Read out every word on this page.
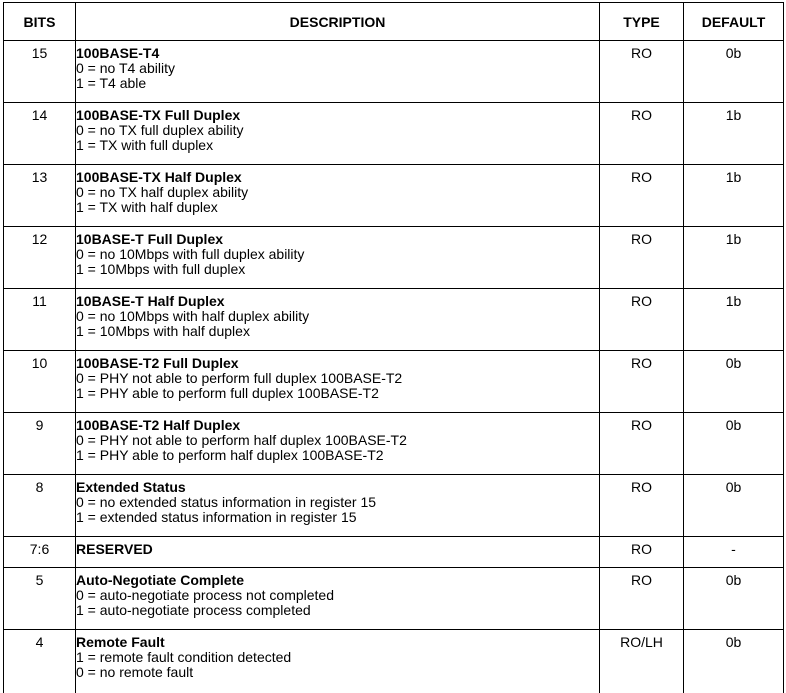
BITS	DESCRIPTION	TYPE	DEFAULT
15	100BASE-T4
0 = no T4 ability
1 = T4 able	RO	0b
14	100BASE-TX Full Duplex
0 = no TX full duplex ability
1 = TX with full duplex	RO	1b
13	100BASE-TX Half Duplex
0 = no TX half duplex ability
1 = TX with half duplex	RO	1b
12	10BASE-T Full Duplex
0 = no 10Mbps with full duplex ability
1 = 10Mbps with full duplex	RO	1b
11	10BASE-T Half Duplex
0 = no 10Mbps with half duplex ability
1 = 10Mbps with half duplex	RO	1b
10	100BASE-T2 Full Duplex
0 = PHY not able to perform full duplex 100BASE-T2
1 = PHY able to perform full duplex 100BASE-T2	RO	0b
9	100BASE-T2 Half Duplex
0 = PHY not able to perform half duplex 100BASE-T2
1 = PHY able to perform half duplex 100BASE-T2	RO	0b
8	Extended Status
0 = no extended status information in register 15
1 = extended status information in register 15	RO	0b
7:6	RESERVED	RO	-
5	Auto-Negotiate Complete
0 = auto-negotiate process not completed
1 = auto-negotiate process completed	RO	0b
4	Remote Fault
1 = remote fault condition detected
0 = no remote fault	RO/LH	0b
